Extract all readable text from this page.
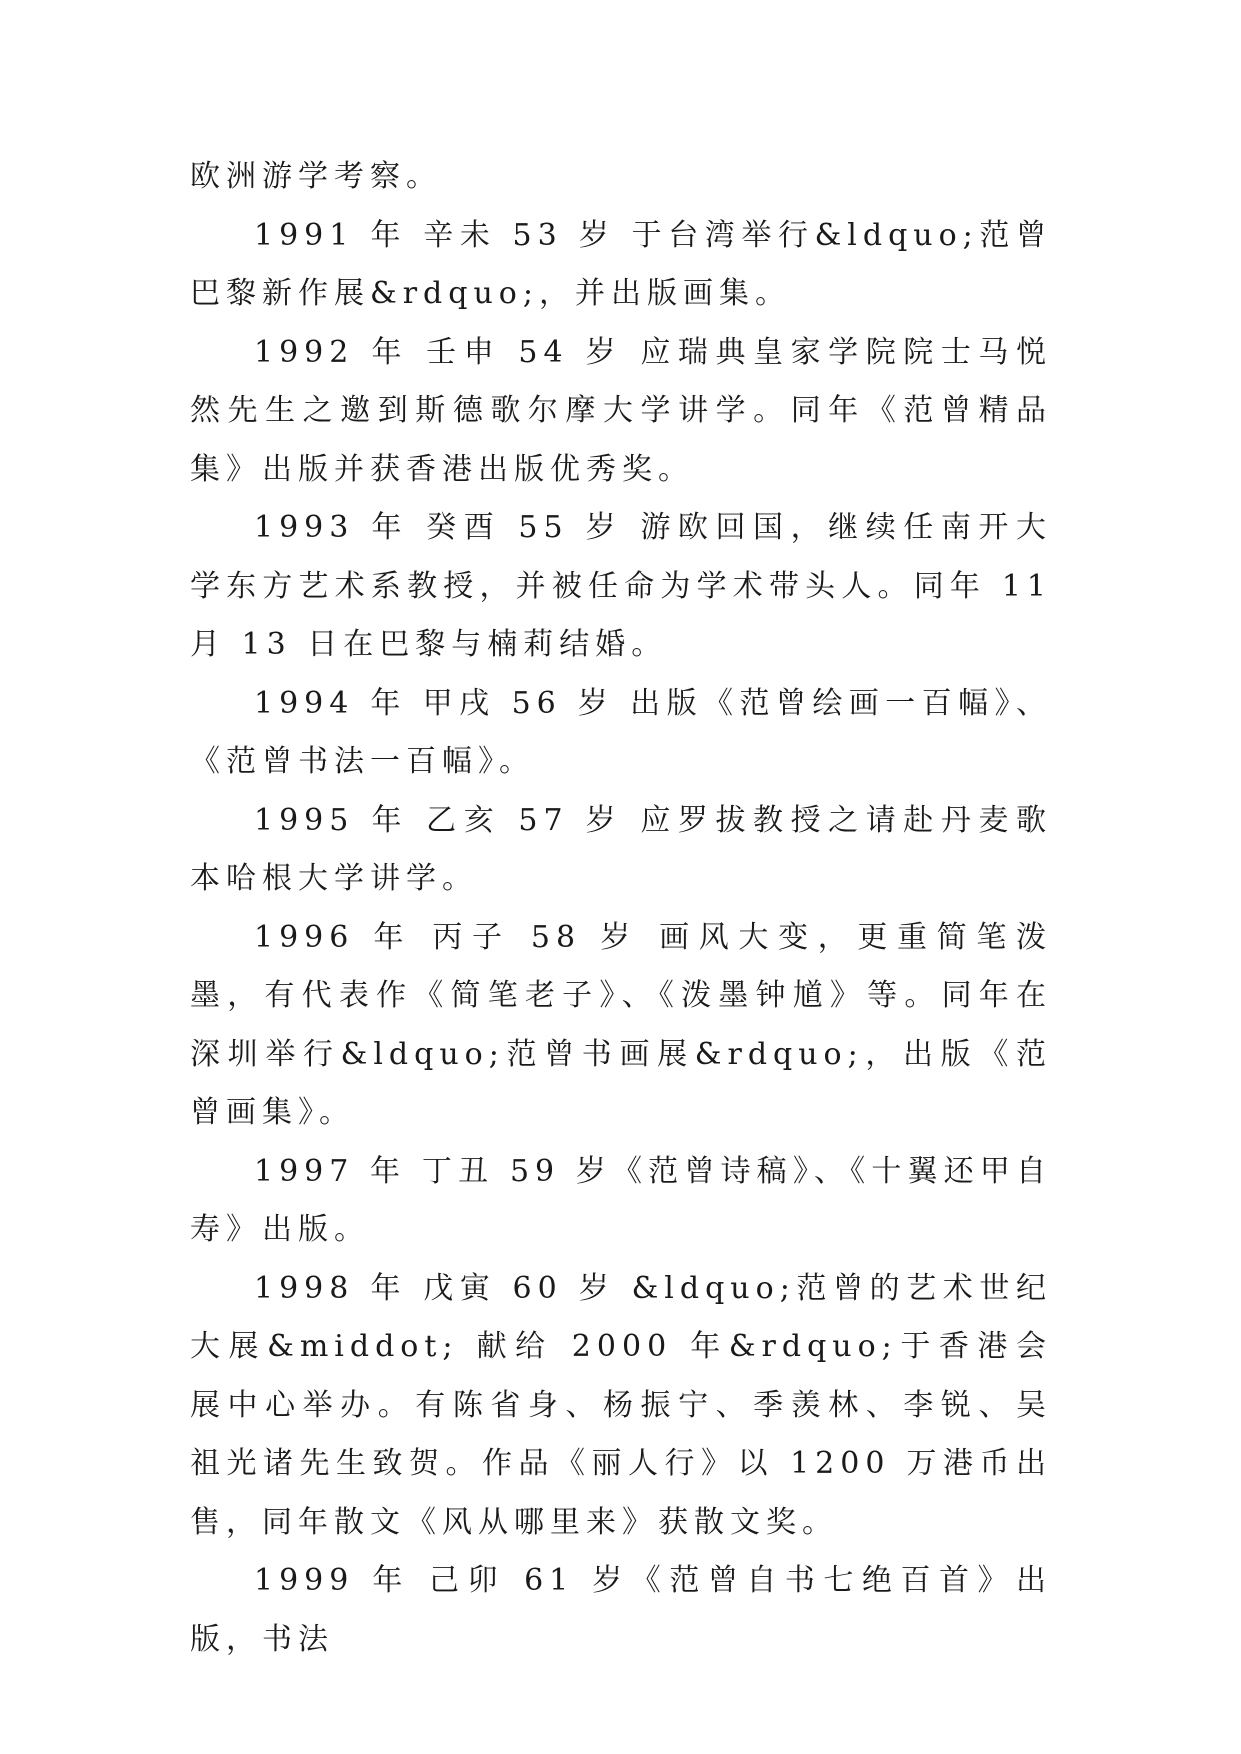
欧洲游学考察。

1991 年 辛未 53 岁 于台湾举行&ldquo;范曾巴黎新作展&rdquo;，并出版画集。

1992 年 壬申 54 岁 应瑞典皇家学院院士马悦然先生之邀到斯德歌尔摩大学讲学。同年《范曾精品集》出版并获香港出版优秀奖。

1993 年 癸酉 55 岁 游欧回国，继续任南开大学东方艺术系教授，并被任命为学术带头人。同年 11 月 13 日在巴黎与楠莉结婚。

1994 年 甲戌 56 岁 出版《范曾绘画一百幅》、《范曾书法一百幅》。

1995 年 乙亥 57 岁 应罗拔教授之请赴丹麦歌本哈根大学讲学。

1996 年 丙子 58 岁 画风大变，更重简笔泼墨，有代表作《简笔老子》、《泼墨钟馗》等。同年在深圳举行&ldquo;范曾书画展&rdquo;，出版《范曾画集》。

1997 年 丁丑 59 岁《范曾诗稿》、《十翼还甲自寿》出版。

1998 年 戊寅 60 岁 &ldquo;范曾的艺术世纪大展&middot; 献给 2000 年&rdquo;于香港会展中心举办。有陈省身、杨振宁、季羡林、李锐、吴祖光诸先生致贺。作品《丽人行》以 1200 万港币出售，同年散文《风从哪里来》获散文奖。

1999 年 己卯 61 岁《范曾自书七绝百首》出版，书法
